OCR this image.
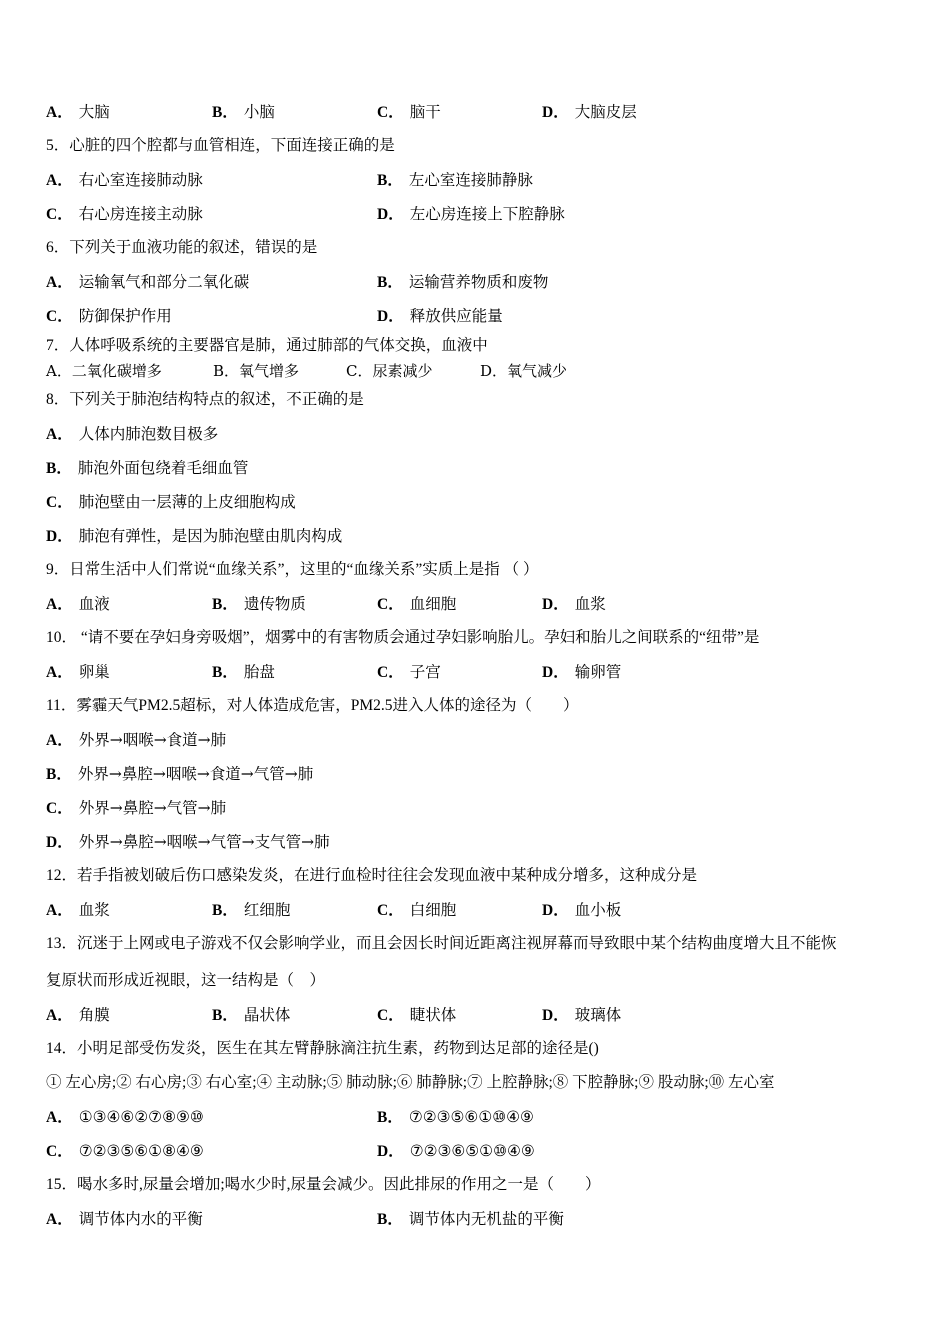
A． 大脑	B． 小脑	C． 脑干	D． 大脑皮层
5．心脏的四个腔都与血管相连，下面连接正确的是
A． 右心室连接肺动脉	B． 左心室连接肺静脉
C． 右心房连接主动脉	D． 左心房连接上下腔静脉
6．下列关于血液功能的叙述，错误的是
A． 运输氧气和部分二氧化碳	B． 运输营养物质和废物
C． 防御保护作用	D． 释放供应能量
7．人体呼吸系统的主要器官是肺，通过肺部的气体交换，血液中
A．二氧化碳增多	B．氧气增多	C．尿素减少	D．氧气减少
8．下列关于肺泡结构特点的叙述，不正确的是
A． 人体内肺泡数目极多
B． 肺泡外面包绕着毛细血管
C． 肺泡壁由一层薄的上皮细胞构成
D． 肺泡有弹性，是因为肺泡壁由肌肉构成
9．日常生活中人们常说“血缘关系”，这里的“血缘关系”实质上是指 （ ）
A． 血液	B． 遗传物质	C． 血细胞	D． 血浆
10． “请不要在孕妇身旁吸烟”，烟雾中的有害物质会通过孕妇影响胎儿。孕妇和胎儿之间联系的“纽带”是
A． 卵巢	B． 胎盘	C． 子宫	D． 输卵管
11．雾霾天气PM2.5超标，对人体造成危害，PM2.5进入人体的途径为（　　）
A． 外界→咽喉→食道→肺
B． 外界→鼻腔→咽喉→食道→气管→肺
C． 外界→鼻腔→气管→肺
D． 外界→鼻腔→咽喉→气管→支气管→肺
12．若手指被划破后伤口感染发炎，在进行血检时往往会发现血液中某种成分增多，这种成分是
A． 血浆	B． 红细胞	C． 白细胞	D． 血小板
13．沉迷于上网或电子游戏不仅会影响学业，而且会因长时间近距离注视屏幕而导致眼中某个结构曲度增大且不能恢
复原状而形成近视眼，这一结构是（　）
A． 角膜	B． 晶状体	C． 睫状体	D． 玻璃体
14．小明足部受伤发炎，医生在其左臂静脉滴注抗生素，药物到达足部的途径是()
① 左心房;② 右心房;③ 右心室;④ 主动脉;⑤ 肺动脉;⑥ 肺静脉;⑦ 上腔静脉;⑧ 下腔静脉;⑨ 股动脉;⑩ 左心室
A． ①③④⑥②⑦⑧⑨⑩	B． ⑦②③⑤⑥①⑩④⑨
C． ⑦②③⑤⑥①⑧④⑨	D． ⑦②③⑥⑤①⑩④⑨
15．喝水多时,尿量会增加;喝水少时,尿量会减少。因此排尿的作用之一是（　　）
A． 调节体内水的平衡	B． 调节体内无机盐的平衡
